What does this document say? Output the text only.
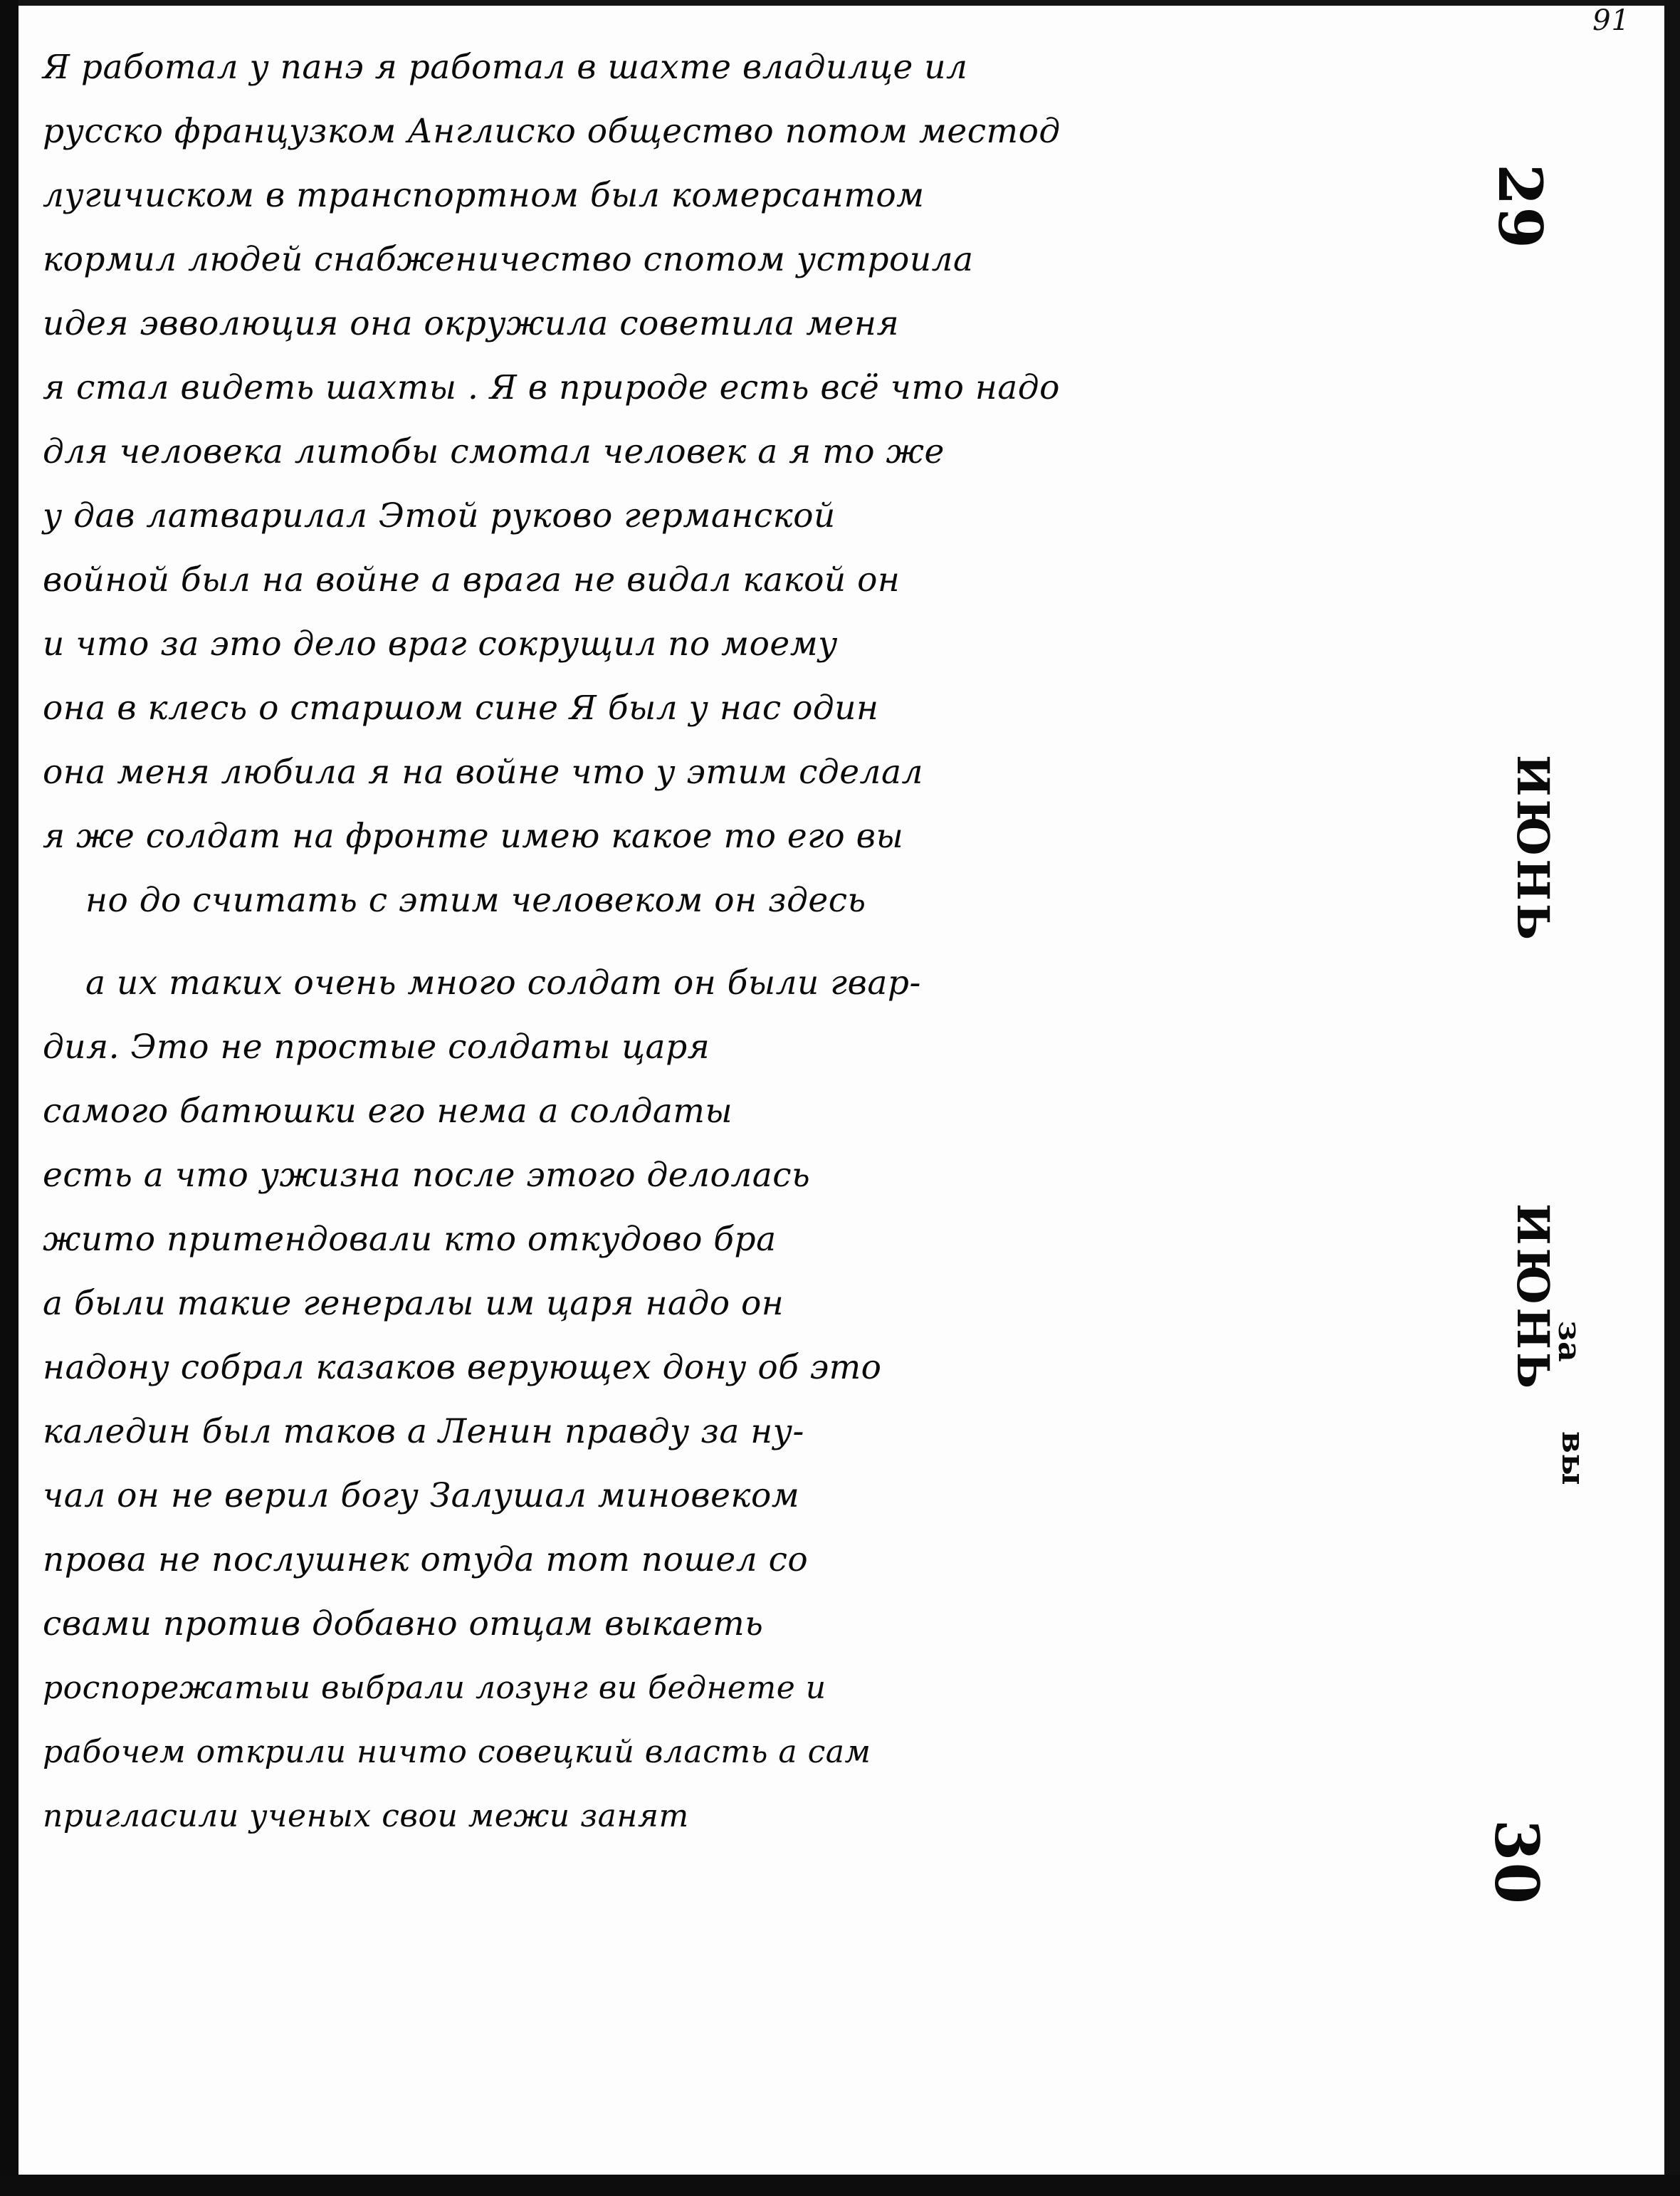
91
Я работал у панэ я работал в шахте владилце ил
русско французком Англиско общество потом местод
лугичиском в транспортном был комерсантом
кормил людей снабженичество спотом устроила
идея эвволюция она окружила советила меня
я стал видеть шахты . Я в природе есть всё что надо
для человека литобы смотал человек а я то же
у дав латварилал Этой руково германской
войной был на войне а врага не видал какой он
и что за это дело враг сокрущил по моему
она в клесь о старшом сине Я был у нас один
она меня любила я на войне что у этим сделал
я же солдат на фронте имею какое то его вы
но до считать с этим человеком он здесь
а их таких очень много солдат он были гвар-
дия. Это не простые солдаты царя
самого батюшки его нема а солдаты
есть а что ужизна после этого делолась
жито притендовали кто откудово бра
а были такие генералы им царя надо он
надону собрал казаков верующех дону об это
каледин был таков а Ленин правду за ну-
чал он не верил богу Залушал миновеком
прова не послушнек отуда тот пошел со
свами против добавно отцам выкаеть
роспорежатыи выбрали лозунг ви беднете и
рабочем открили ничто совецкий власть а сам
пригласили ученых свои межи занят
29
ИЮНЬ
ИЮНЬ
за
вы
30
